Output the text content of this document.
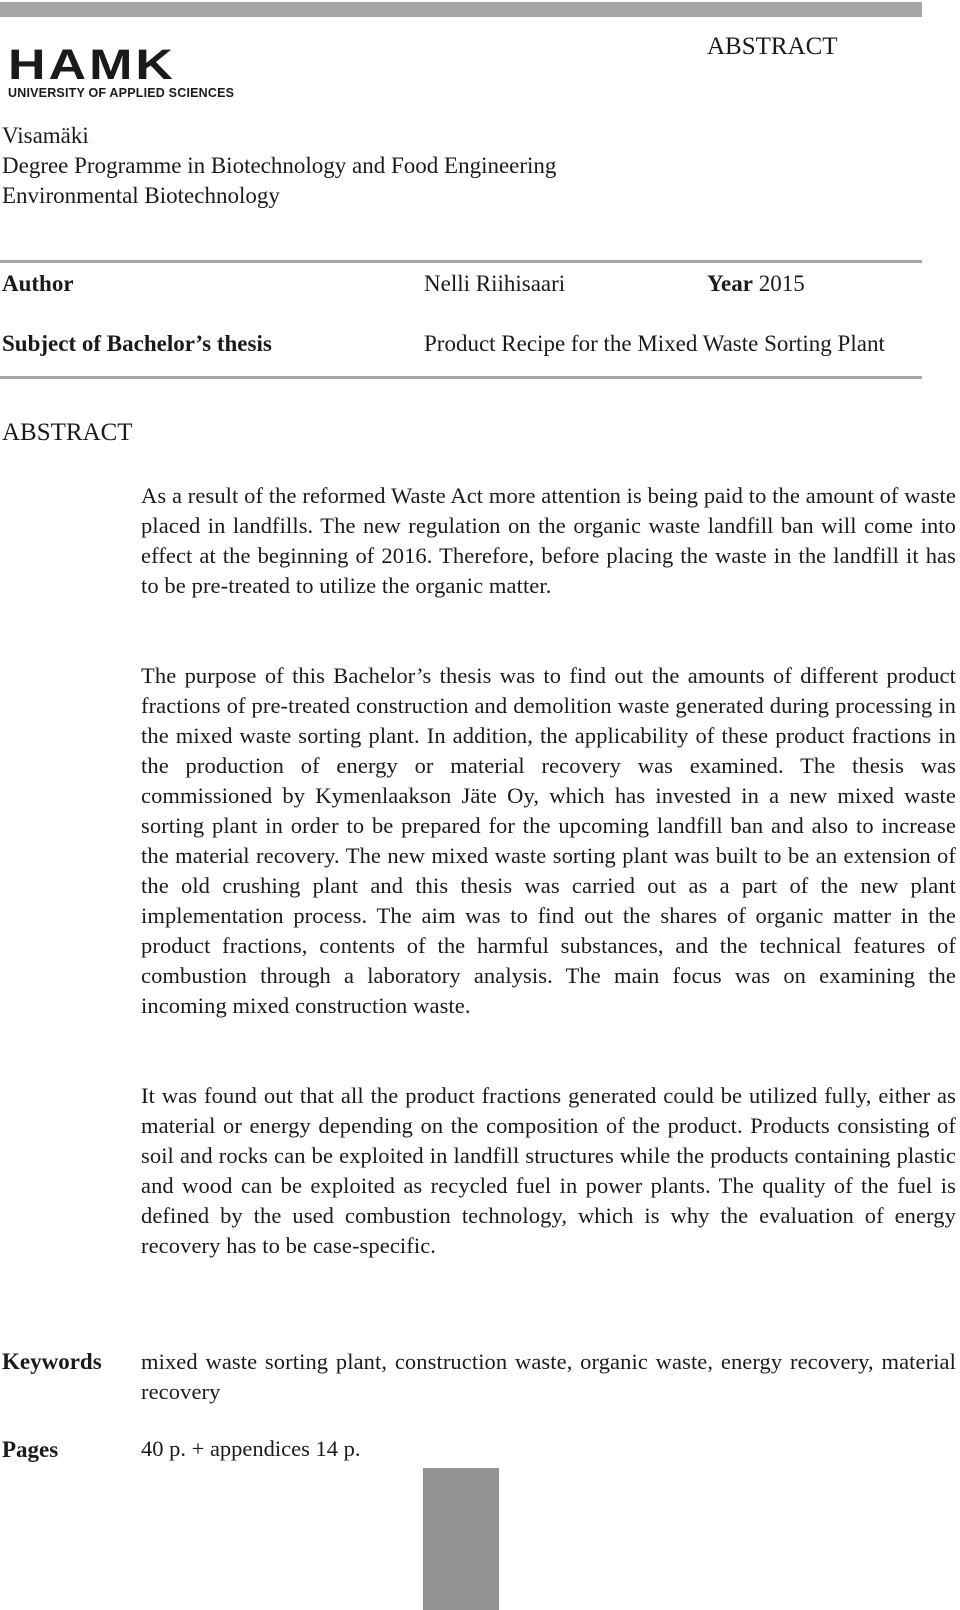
HAMK
UNIVERSITY OF APPLIED SCIENCES
ABSTRACT
Visamäki
Degree Programme in Biotechnology and Food Engineering
Environmental Biotechnology
Author	Nelli Riihisaari	Year 2015
Subject of Bachelor’s thesis	Product Recipe for the Mixed Waste Sorting Plant
ABSTRACT
As a result of the reformed Waste Act more attention is being paid to the amount of waste placed in landfills. The new regulation on the organic waste landfill ban will come into effect at the beginning of 2016. Therefore, before placing the waste in the landfill it has to be pre-treated to utilize the organic matter.
The purpose of this Bachelor’s thesis was to find out the amounts of different product fractions of pre-treated construction and demolition waste generated during processing in the mixed waste sorting plant. In addition, the applicability of these product fractions in the production of energy or material recovery was examined. The thesis was commissioned by Kymenlaakson Jäte Oy, which has invested in a new mixed waste sorting plant in order to be prepared for the upcoming landfill ban and also to increase the material recovery. The new mixed waste sorting plant was built to be an extension of the old crushing plant and this thesis was carried out as a part of the new plant implementation process. The aim was to find out the shares of organic matter in the product fractions, contents of the harmful substances, and the technical features of combustion through a laboratory analysis. The main focus was on examining the incoming mixed construction waste.
It was found out that all the product fractions generated could be utilized fully, either as material or energy depending on the composition of the product. Products consisting of soil and rocks can be exploited in landfill structures while the products containing plastic and wood can be exploited as recycled fuel in power plants. The quality of the fuel is defined by the used combustion technology, which is why the evaluation of energy recovery has to be case-specific.
Keywords mixed waste sorting plant, construction waste, organic waste, energy recovery, material recovery
Pages	40 p. + appendices 14 p.
